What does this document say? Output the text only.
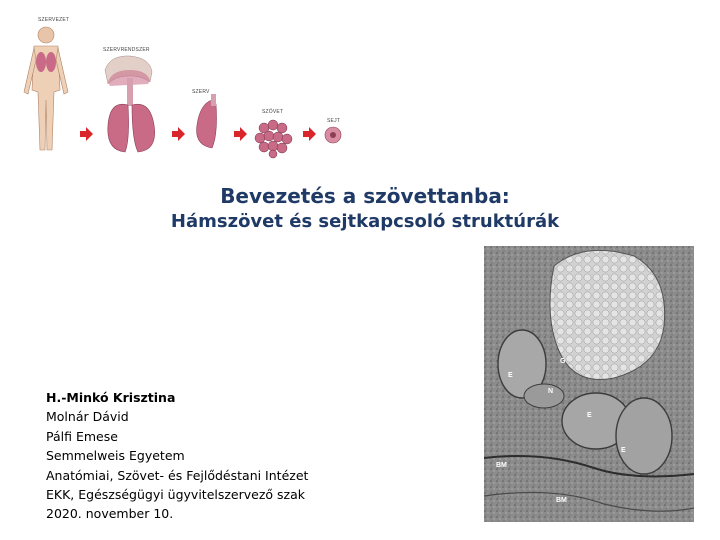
SZERVEZET
SZERVRENDSZER
SZERV
SZÖVET
SEJT
Bevezetés a szövettanba:
Hámszövet és sejtkapcsoló struktúrák
H.-Minkó Krisztina
Molnár Dávid
Pálfi Emese
Semmelweis Egyetem
Anatómiai, Szövet- és Fejlődéstani Intézet
EKK, Egészségügyi ügyvitelszervező szak
2020. november 10.
G
E
N
E
E
BM
BM
